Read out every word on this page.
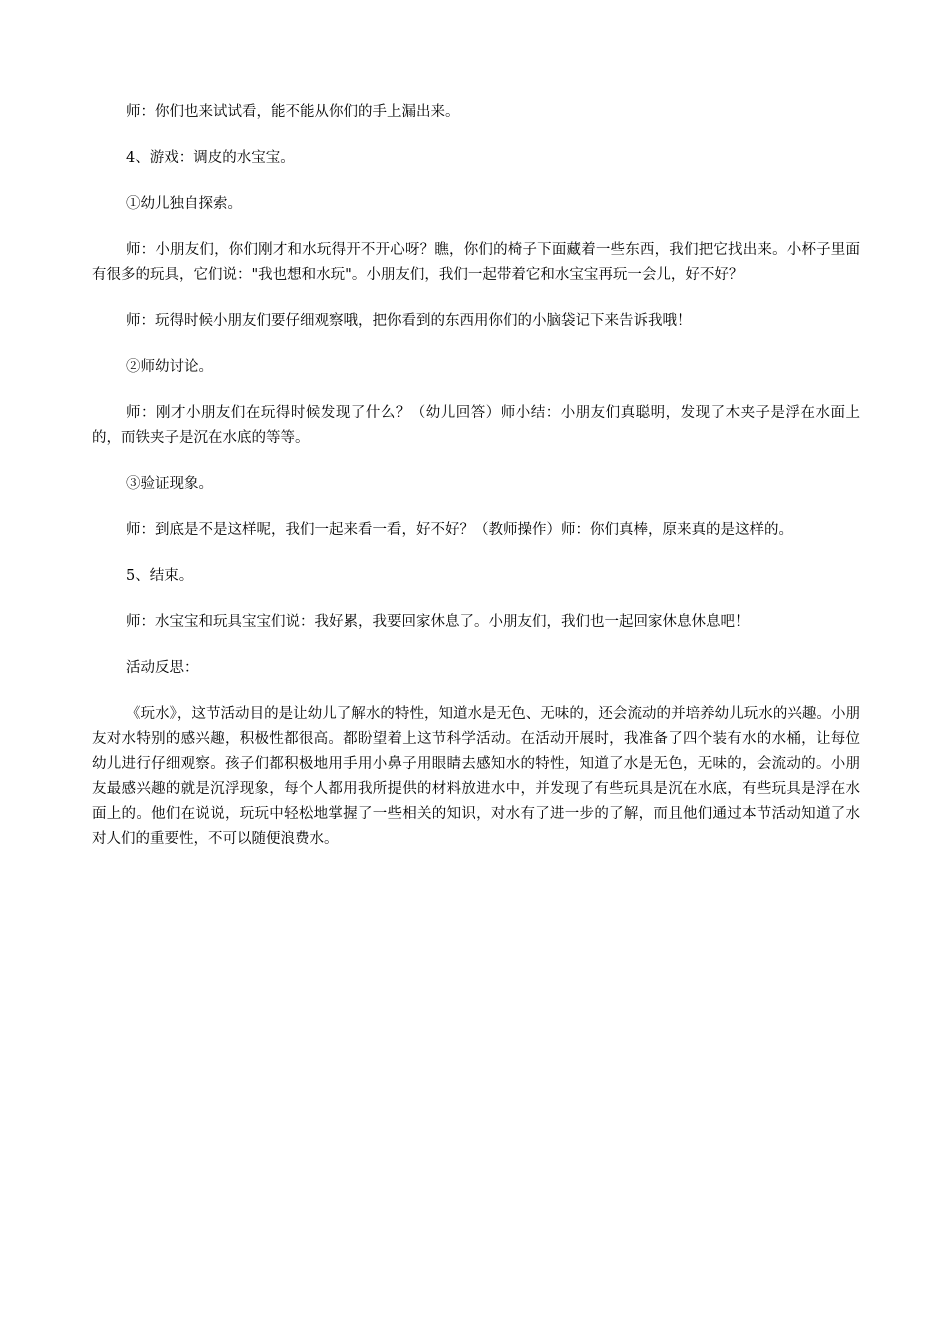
师：你们也来试试看，能不能从你们的手上漏出来。

4、游戏：调皮的水宝宝。

①幼儿独自探索。

师：小朋友们，你们刚才和水玩得开不开心呀？瞧，你们的椅子下面藏着一些东西，我们把它找出来。小杯子里面有很多的玩具，它们说："我也想和水玩"。小朋友们，我们一起带着它和水宝宝再玩一会儿，好不好？

师：玩得时候小朋友们要仔细观察哦，把你看到的东西用你们的小脑袋记下来告诉我哦！

②师幼讨论。

师：刚才小朋友们在玩得时候发现了什么？（幼儿回答）师小结：小朋友们真聪明，发现了木夹子是浮在水面上的，而铁夹子是沉在水底的等等。

③验证现象。

师：到底是不是这样呢，我们一起来看一看，好不好？（教师操作）师：你们真棒，原来真的是这样的。

5、结束。

师：水宝宝和玩具宝宝们说：我好累，我要回家休息了。小朋友们，我们也一起回家休息休息吧！

活动反思：

《玩水》，这节活动目的是让幼儿了解水的特性，知道水是无色、无味的，还会流动的并培养幼儿玩水的兴趣。小朋友对水特别的感兴趣，积极性都很高。都盼望着上这节科学活动。在活动开展时，我准备了四个装有水的水桶，让每位幼儿进行仔细观察。孩子们都积极地用手用小鼻子用眼睛去感知水的特性，知道了水是无色，无味的，会流动的。小朋友最感兴趣的就是沉浮现象，每个人都用我所提供的材料放进水中，并发现了有些玩具是沉在水底，有些玩具是浮在水面上的。他们在说说，玩玩中轻松地掌握了一些相关的知识，对水有了进一步的了解，而且他们通过本节活动知道了水对人们的重要性，不可以随便浪费水。
